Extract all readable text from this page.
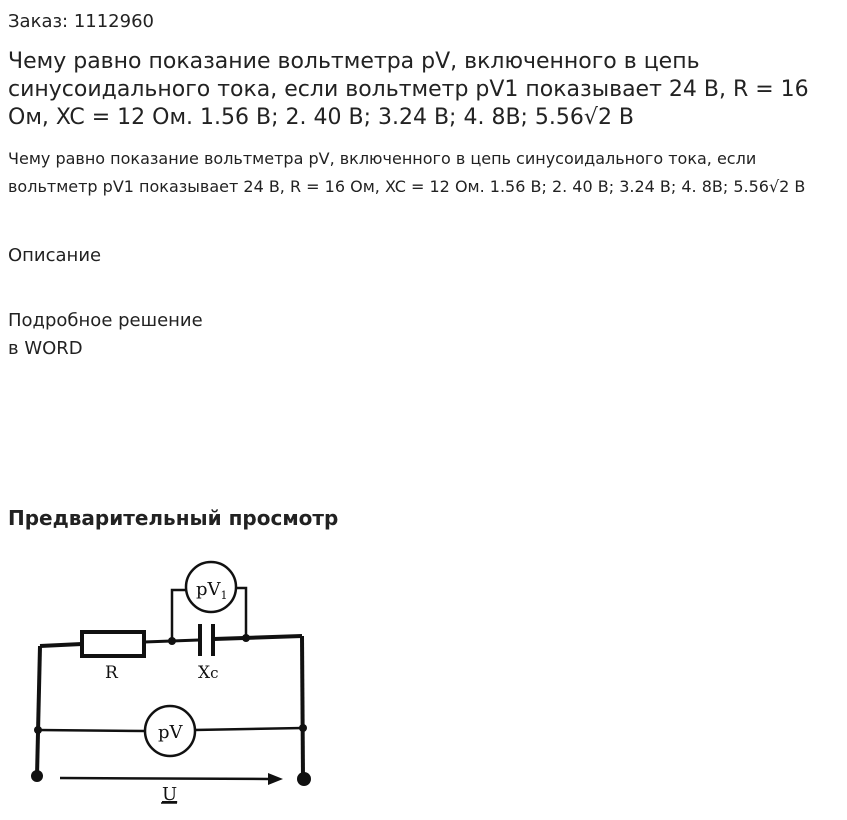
Заказ: 1112960
Чему равно показание вольтметра pV, включенного в цепь синусоидального тока, если вольтметр pV1 показывает 24 В, R = 16 Ом, XC = 12 Ом. 1.56 В; 2. 40 В; 3.24 В; 4. 8В; 5.56√2 В

Чему равно показание вольтметра pV, включенного в цепь синусоидального тока, если вольтметр pV1 показывает 24 В, R = 16 Ом, XC = 12 Ом. 1.56 В; 2. 40 В; 3.24 В; 4. 8В; 5.56√2 В

Описание
Подробное решение
в WORD
Предварительный просмотр
$pV_1$
pV
R	Xc
U
